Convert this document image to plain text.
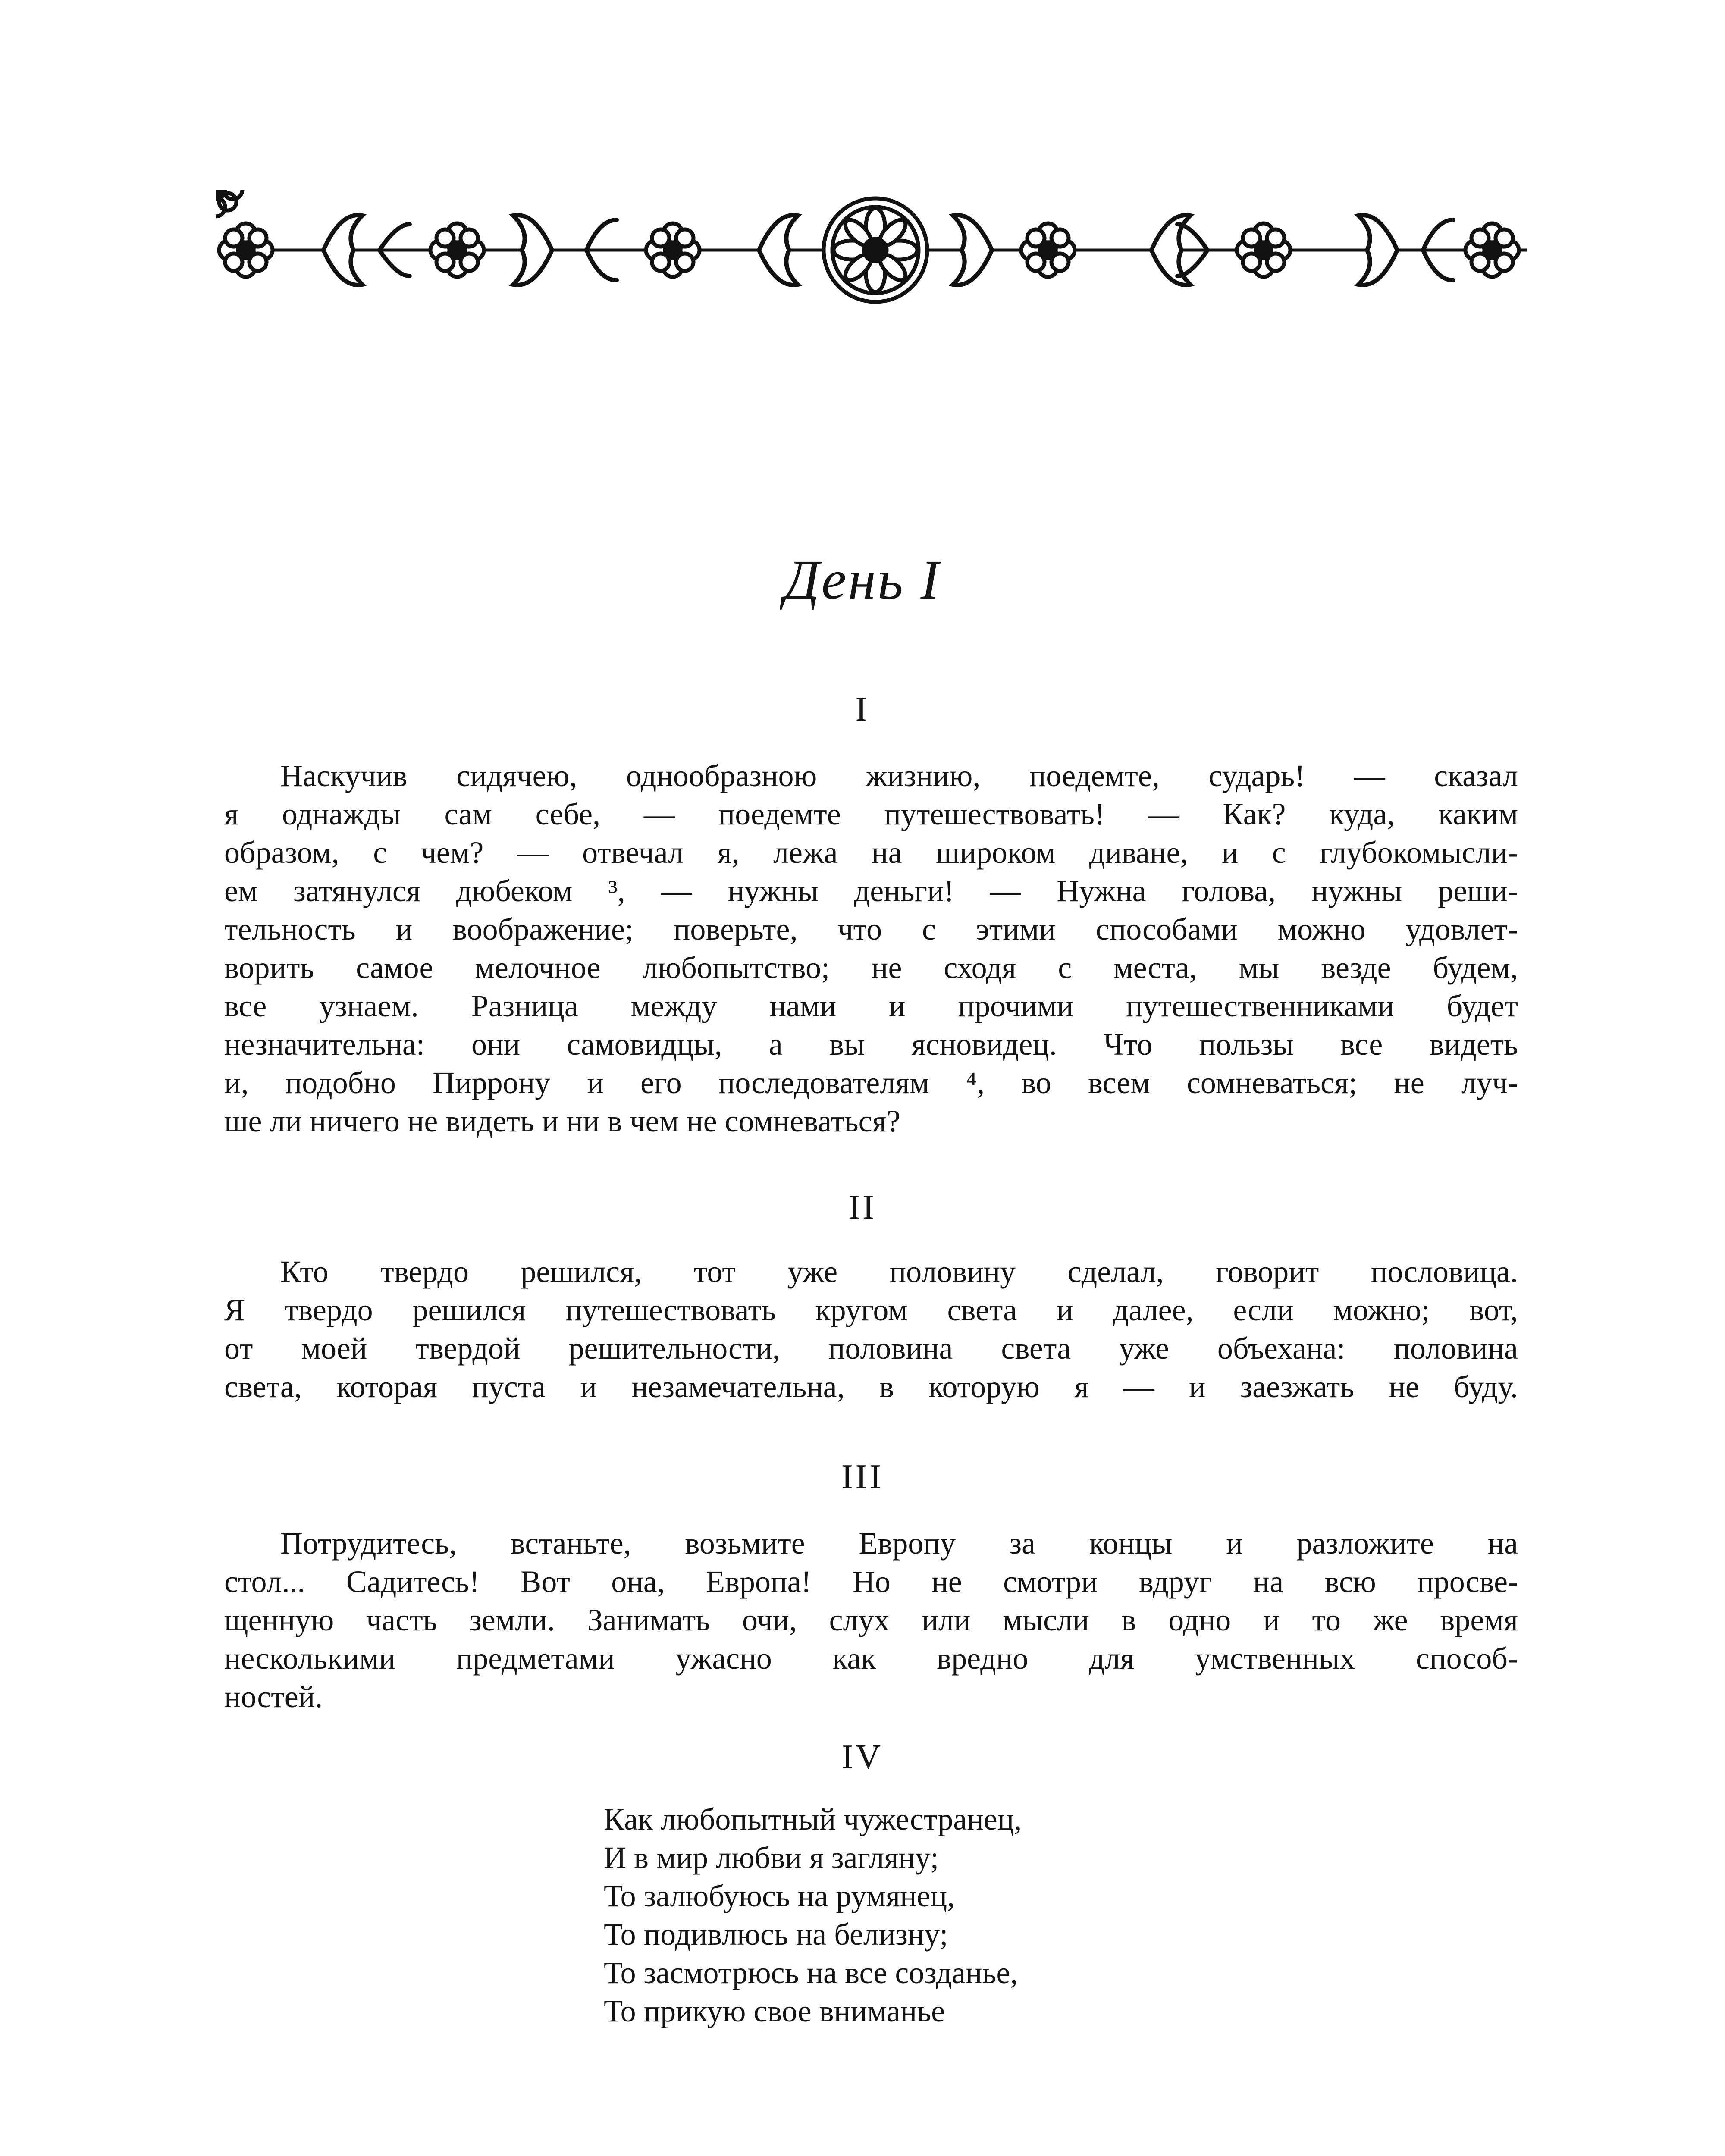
День I
I
Наскучив сидячею, однообразною жизнию, поедемте, сударь! — сказал
я однажды сам себе, — поедемте путешествовать! — Как? куда, каким
образом, с чем? — отвечал я, лежа на широком диване, и с глубокомысли-
ем затянулся дюбеком ³, — нужны деньги! — Нужна голова, нужны реши-
тельность и воображение; поверьте, что с этими способами можно удовлет-
ворить самое мелочное любопытство; не сходя с места, мы везде будем,
все узнаем. Разница между нами и прочими путешественниками будет
незначительна: они самовидцы, а вы ясновидец. Что пользы все видеть
и, подобно Пиррону и его последователям ⁴, во всем сомневаться; не луч-
ше ли ничего не видеть и ни в чем не сомневаться?
II
Кто твердо решился, тот уже половину сделал, говорит пословица.
Я твердо решился путешествовать кругом света и далее, если можно; вот,
от моей твердой решительности, половина света уже объехана: половина
света, которая пуста и незамечательна, в которую я — и заезжать не буду.
III
Потрудитесь, встаньте, возьмите Европу за концы и разложите на
стол... Садитесь! Вот она, Европа! Но не смотри вдруг на всю просве-
щенную часть земли. Занимать очи, слух или мысли в одно и то же время
несколькими предметами ужасно как вредно для умственных способ-
ностей.
IV
Как любопытный чужестранец,
И в мир любви я загляну;
То залюбуюсь на румянец,
То подивлюсь на белизну;
То засмотрюсь на все созданье,
То прикую свое вниманье
